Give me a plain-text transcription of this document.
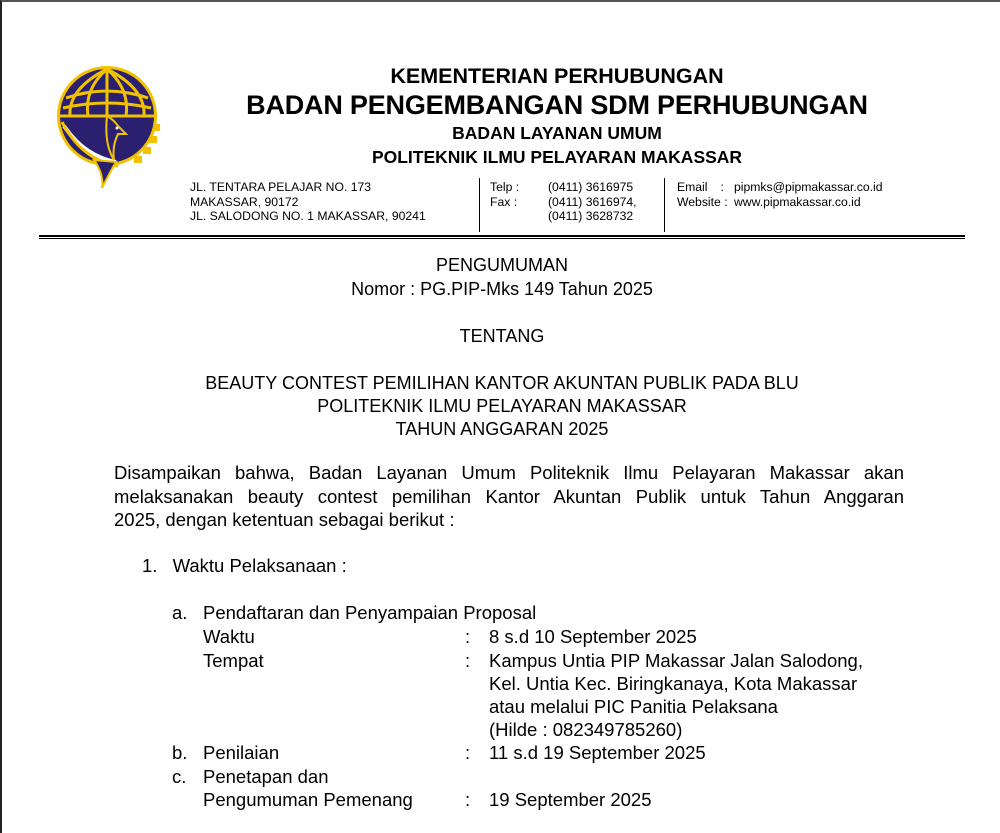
KEMENTERIAN PERHUBUNGAN
BADAN PENGEMBANGAN SDM PERHUBUNGAN
BADAN LAYANAN UMUM
POLITEKNIK ILMU PELAYARAN MAKASSAR
JL. TENTARA PELAJAR NO. 173
MAKASSAR, 90172
JL. SALODONG NO. 1 MAKASSAR, 90241
Telp : (0411) 3616975
Fax :	(0411) 3616974,
(0411) 3628732
Email : pipmks@pipmakassar.co.id
Website : www.pipmakassar.co.id
PENGUMUMAN
Nomor : PG.PIP-Mks 149 Tahun 2025
TENTANG
BEAUTY CONTEST PEMILIHAN KANTOR AKUNTAN PUBLIK PADA BLU
POLITEKNIK ILMU PELAYARAN MAKASSAR
TAHUN ANGGARAN 2025
Disampaikan bahwa, Badan Layanan Umum Politeknik Ilmu Pelayaran Makassar akan
melaksanakan beauty contest pemilihan Kantor Akuntan Publik untuk Tahun Anggaran
2025, dengan ketentuan sebagai berikut :
1. Waktu Pelaksanaan :
a. Pendaftaran dan Penyampaian Proposal
Waktu	: 8 s.d 10 September 2025
Tempat	: Kampus Untia PIP Makassar Jalan Salodong,
Kel. Untia Kec. Biringkanaya, Kota Makassar
atau melalui PIC Panitia Pelaksana
(Hilde : 082349785260)
b. Penilaian	: 11 s.d 19 September 2025
c. Penetapan dan
Pengumuman Pemenang	: 19 September 2025
